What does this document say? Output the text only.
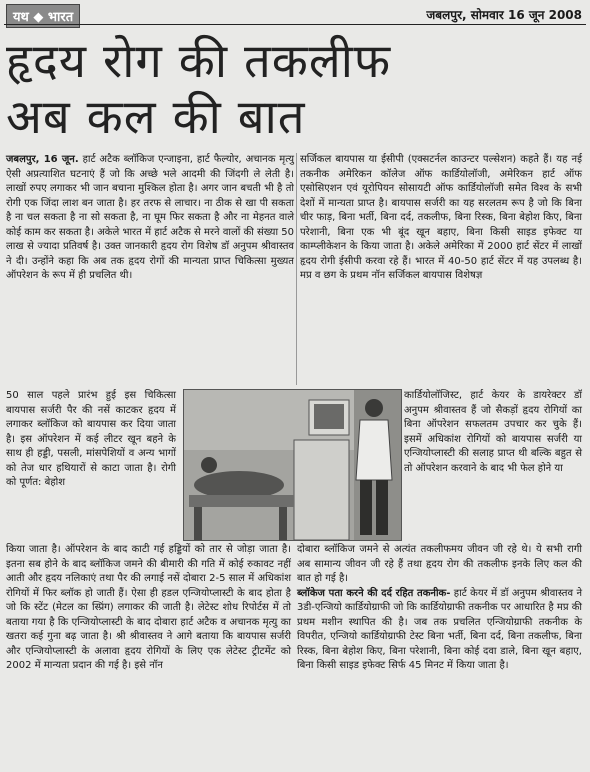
यथ ◆ भारत	जबलपुर, सोमवार 16 जून 2008
हृदय रोग की तकलीफ
अब कल की बात

जबलपुर, 16 जून. हार्ट अटैक ब्लॉकिज एन्जाइना, हार्ट फैल्योर, अचानक मृत्यु ऐसी अप्रत्याशित घटनाएं हैं जो कि अच्छे भले आदमी की जिंदगी ले लेती है। लाखों रुपए लगाकर भी जान बचाना मुश्किल होता है। अगर जान बचती भी है तो रोगी एक जिंदा लाश बन जाता है। हर तरफ से लाचार। ना ठीक से खा पी सकता है ना चल सकता है ना सो सकता है, ना घूम फिर सकता है और ना मेहनत वाले कोई काम कर सकता है। अकेले भारत में हार्ट अटैक से मरने वालों की संख्या 50 लाख से ज्यादा प्रतिवर्ष है। उक्त जानकारी हृदय रोग विशेष डॉ अनुपम श्रीवास्तव ने दी। उन्होंने कहा कि अब तक हृदय रोगों की मान्यता प्राप्त चिकित्सा मुख्यत ऑपरेशन के रूप में ही प्रचलित थी।

सर्जिकल बायपास या ईसीपी (एक्सटर्नल काउन्टर पल्सेशन) कहते हैं। यह नई तकनीक अमेरिकन कॉलेज ऑफ कार्डियोलॉजी, अमेरिकन हार्ट ऑफ एसोसिएशन एवं यूरोपियन सोसायटी ऑफ कार्डियोलॉजी समेत विश्व के सभी देशों में मान्यता प्राप्त है। बायपास सर्जरी का यह सरलतम रूप है जो कि बिना चीर फाड़, बिना भर्ती, बिना दर्द, तकलीफ, बिना रिस्क, बिना बेहोश किए, बिना परेशानी, बिना एक भी बूंद खून बहाए, बिना किसी साइड इफेक्ट या काम्प्लीकेशन के किया जाता है। अकेले अमेरिका में 2000 हार्ट सेंटर में लाखों हृदय रोगी ईसीपी करवा रहे हैं। भारत में 40-50 हार्ट सेंटर में यह उपलब्ध है। मप्र व छग के प्रथम नॉन सर्जिकल बायपास विशेषज्ञ

50 साल पहले प्रारंभ हुई इस चिकित्सा बायपास सर्जरी पैर की नसें काटकर हृदय में लगाकर ब्लॉकिज को बायपास कर दिया जाता है। इस ऑपरेशन में कई लीटर खून बहने के साथ ही हड्डी, पसली, मांसपेशियों व अन्य भागों को तेज धार हथियारों से काटा जाता है। रोगी को पूर्णत: बेहोश

कार्डियोलॉजिस्ट, हार्ट केयर के डायरेक्टर डॉ अनुपम श्रीवास्तव हैं जो सैकड़ों हृदय रोगियों का बिना ऑपरेशन सफलतम उपचार कर चुके हैं। इसमें अधिकांश रोगियों को बायपास सर्जरी या एन्जियोप्लास्टी की सलाह प्राप्त थी बल्कि बहुत से तो ऑपरेशन करवाने के बाद भी फेल होने या

किया जाता है। ऑपरेशन के बाद काटी गई हड्डियों को तार से जोड़ा जाता है। इतना सब होने के बाद ब्लॉकिज जमने की बीमारी की गति में कोई रुकावट नहीं आती और हृदय नलिकाएं तथा पैर की लगाई नसें दोबारा 2-5 साल में अधिकांश रोगियों में फिर ब्लॉक हो जाती हैं। ऐसा ही हडल एन्जियोप्लास्टी के बाद होता है जो कि स्टेंट (मेटल का स्प्रिंग) लगाकर की जाती है। लेटेस्ट शोध रिपोर्टस में तो बताया गया है कि एन्जियोप्लास्टी के बाद दोबारा हार्ट अटैक व अचानक मृत्यु का खतरा कई गुना बढ़ जाता है। श्री श्रीवास्तव ने आगे बताया कि बायपास सर्जरी और एन्जियोप्लास्टी के अलावा हृदय रोगियों के लिए एक लेटेस्ट ट्रीटमेंट को 2002 में मान्यता प्रदान की गई है। इसे नॉन

दोबारा ब्लॉकिज जमने से अत्यंत तकलीफमय जीवन जी रहे थे। ये सभी रागी अब सामान्य जीवन जी रहे हैं तथा हृदय रोग की तकलीफ इनके लिए कल की बात हो गई है।

ब्लॉकेज पता करने की दर्द रहित तकनीक- हार्ट केयर में डॉ अनुपम श्रीवास्तव ने 3डी-एन्जियो कार्डियोग्राफी जो कि कार्डियोग्राफी तकनीक पर आधारित है मप्र की प्रथम मशीन स्थापित की है। जब तक प्रचलित एन्जियोग्राफी तकनीक के विपरीत, एन्जियो कार्डियोग्राफी टेस्ट बिना भर्ती, बिना दर्द, बिना तकलीफ, बिना रिस्क, बिना बेहोश किए, बिना परेशानी, बिना कोई दवा डाले, बिना खून बहाए, बिना किसी साइड इफेक्ट सिर्फ 45 मिनट में किया जाता है।
